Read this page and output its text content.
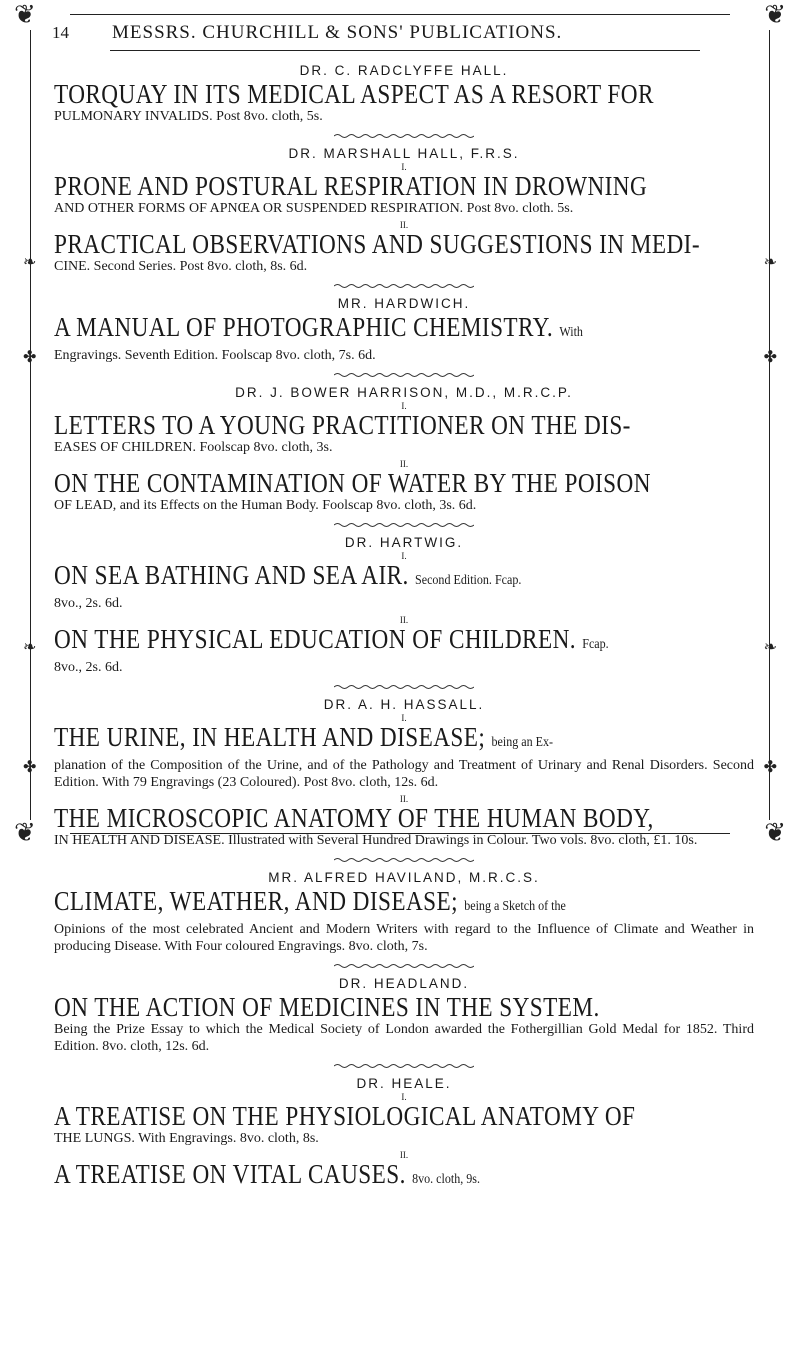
❦	❦
❦	❦
❧	❧
✤	✤
❧	❧
✤	✤
14 MESSRS. CHURCHILL & SONS' PUBLICATIONS.

DR. C. RADCLYFFE HALL.

TORQUAY IN ITS MEDICAL ASPECT AS A RESORT FOR

PULMONARY INVALIDS. Post 8vo. cloth, 5s.

DR. MARSHALL HALL, F.R.S.

I.

PRONE AND POSTURAL RESPIRATION IN DROWNING

AND OTHER FORMS OF APNŒA OR SUSPENDED RESPIRATION. Post 8vo. cloth. 5s.

II.

PRACTICAL OBSERVATIONS AND SUGGESTIONS IN MEDI-

CINE. Second Series. Post 8vo. cloth, 8s. 6d.

MR. HARDWICH.

A MANUAL OF PHOTOGRAPHIC CHEMISTRY. With

Engravings. Seventh Edition. Foolscap 8vo. cloth, 7s. 6d.

DR. J. BOWER HARRISON, M.D., M.R.C.P.

I.

LETTERS TO A YOUNG PRACTITIONER ON THE DIS-

EASES OF CHILDREN. Foolscap 8vo. cloth, 3s.

II.

ON THE CONTAMINATION OF WATER BY THE POISON

OF LEAD, and its Effects on the Human Body. Foolscap 8vo. cloth, 3s. 6d.

DR. HARTWIG.

I.

ON SEA BATHING AND SEA AIR. Second Edition. Fcap.

8vo., 2s. 6d.

II.

ON THE PHYSICAL EDUCATION OF CHILDREN. Fcap.

8vo., 2s. 6d.

DR. A. H. HASSALL.

I.

THE URINE, IN HEALTH AND DISEASE; being an Ex-

planation of the Composition of the Urine, and of the Pathology and Treatment of Urinary and Renal Disorders. Second Edition. With 79 Engravings (23 Coloured). Post 8vo. cloth, 12s. 6d.

II.

THE MICROSCOPIC ANATOMY OF THE HUMAN BODY,

IN HEALTH AND DISEASE. Illustrated with Several Hundred Drawings in Colour. Two vols. 8vo. cloth, £1. 10s.

MR. ALFRED HAVILAND, M.R.C.S.

CLIMATE, WEATHER, AND DISEASE; being a Sketch of the

Opinions of the most celebrated Ancient and Modern Writers with regard to the Influence of Climate and Weather in producing Disease. With Four coloured Engravings. 8vo. cloth, 7s.

DR. HEADLAND.

ON THE ACTION OF MEDICINES IN THE SYSTEM.

Being the Prize Essay to which the Medical Society of London awarded the Fothergillian Gold Medal for 1852. Third Edition. 8vo. cloth, 12s. 6d.

DR. HEALE.

I.

A TREATISE ON THE PHYSIOLOGICAL ANATOMY OF

THE LUNGS. With Engravings. 8vo. cloth, 8s.

II.

A TREATISE ON VITAL CAUSES. 8vo. cloth, 9s.
